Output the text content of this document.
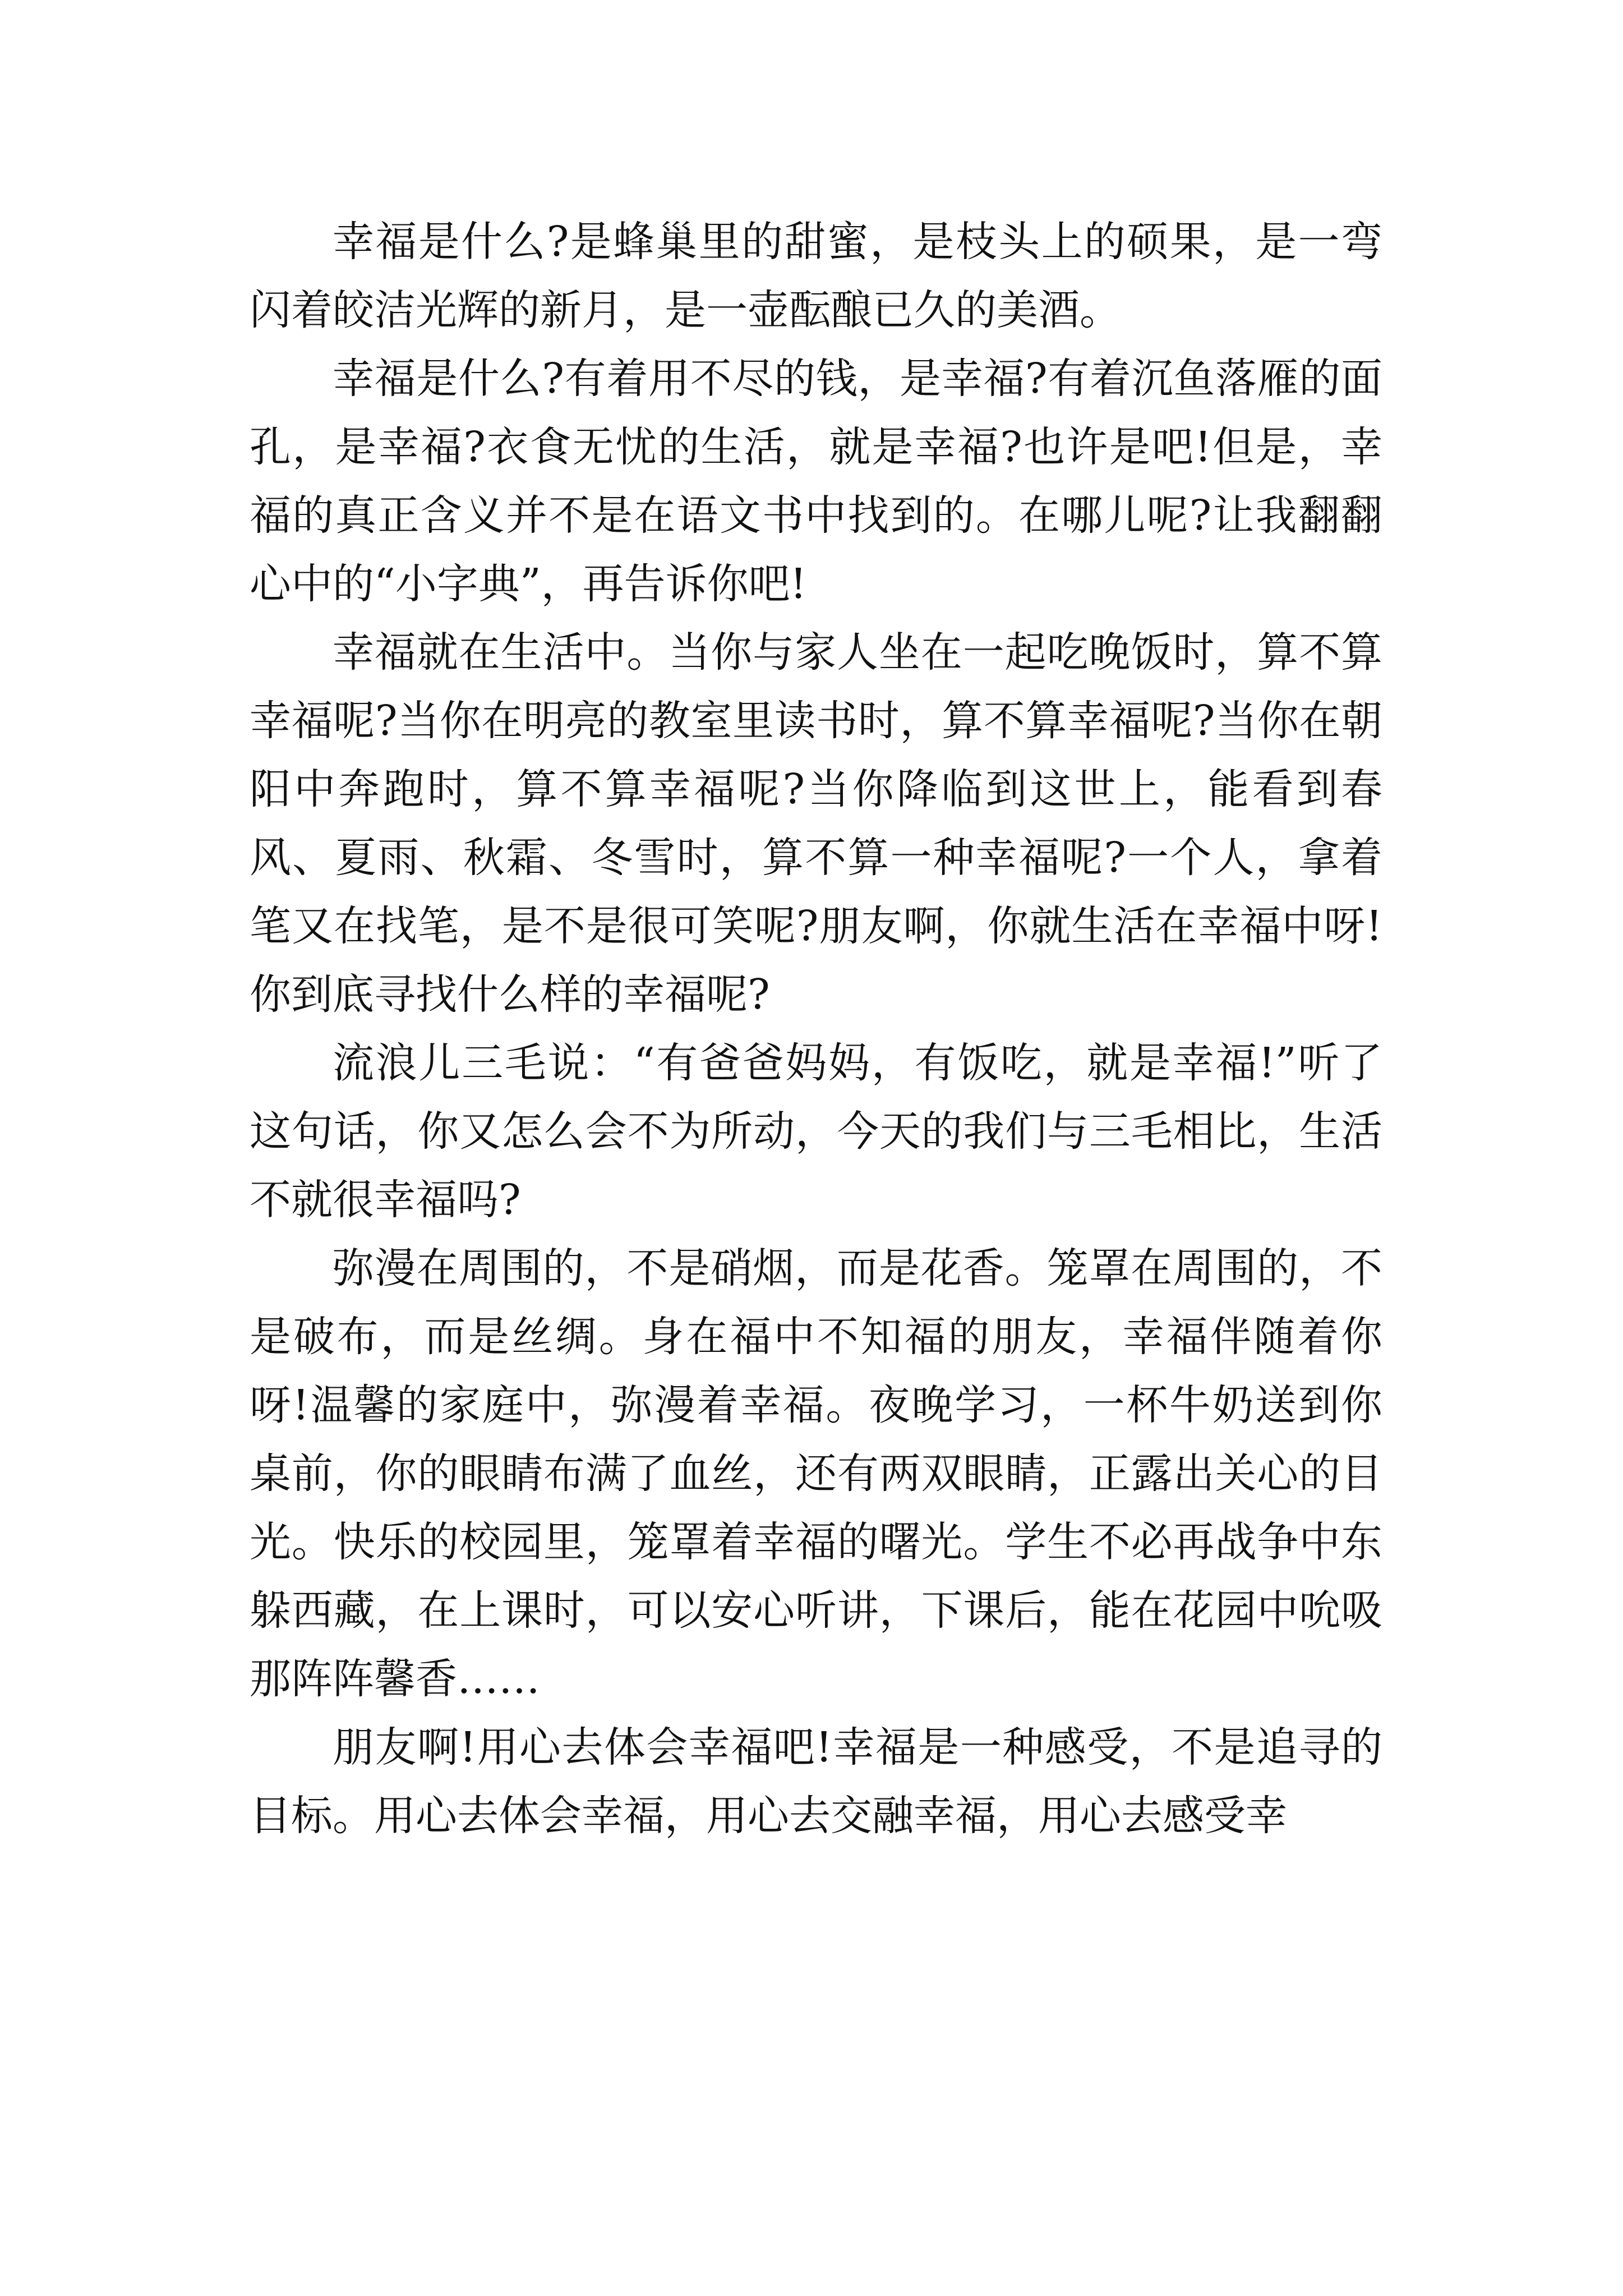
幸福是什么?是蜂巢里的甜蜜，是枝头上的硕果，是一弯闪着皎洁光辉的新月，是一壶酝酿已久的美酒。

幸福是什么?有着用不尽的钱，是幸福?有着沉鱼落雁的面孔，是幸福?衣食无忧的生活，就是幸福?也许是吧!但是，幸福的真正含义并不是在语文书中找到的。在哪儿呢?让我翻翻心中的“小字典”，再告诉你吧!

幸福就在生活中。当你与家人坐在一起吃晚饭时，算不算幸福呢?当你在明亮的教室里读书时，算不算幸福呢?当你在朝阳中奔跑时，算不算幸福呢?当你降临到这世上，能看到春风、夏雨、秋霜、冬雪时，算不算一种幸福呢?一个人，拿着笔又在找笔，是不是很可笑呢?朋友啊，你就生活在幸福中呀!你到底寻找什么样的幸福呢?

流浪儿三毛说：“有爸爸妈妈，有饭吃，就是幸福!”听了这句话，你又怎么会不为所动，今天的我们与三毛相比，生活不就很幸福吗?

弥漫在周围的，不是硝烟，而是花香。笼罩在周围的，不是破布，而是丝绸。身在福中不知福的朋友，幸福伴随着你呀!温馨的家庭中，弥漫着幸福。夜晚学习，一杯牛奶送到你桌前，你的眼睛布满了血丝，还有两双眼睛，正露出关心的目光。快乐的校园里，笼罩着幸福的曙光。学生不必再战争中东躲西藏，在上课时，可以安心听讲，下课后，能在花园中吮吸那阵阵馨香……

朋友啊!用心去体会幸福吧!幸福是一种感受，不是追寻的目标。用心去体会幸福，用心去交融幸福，用心去感受幸
